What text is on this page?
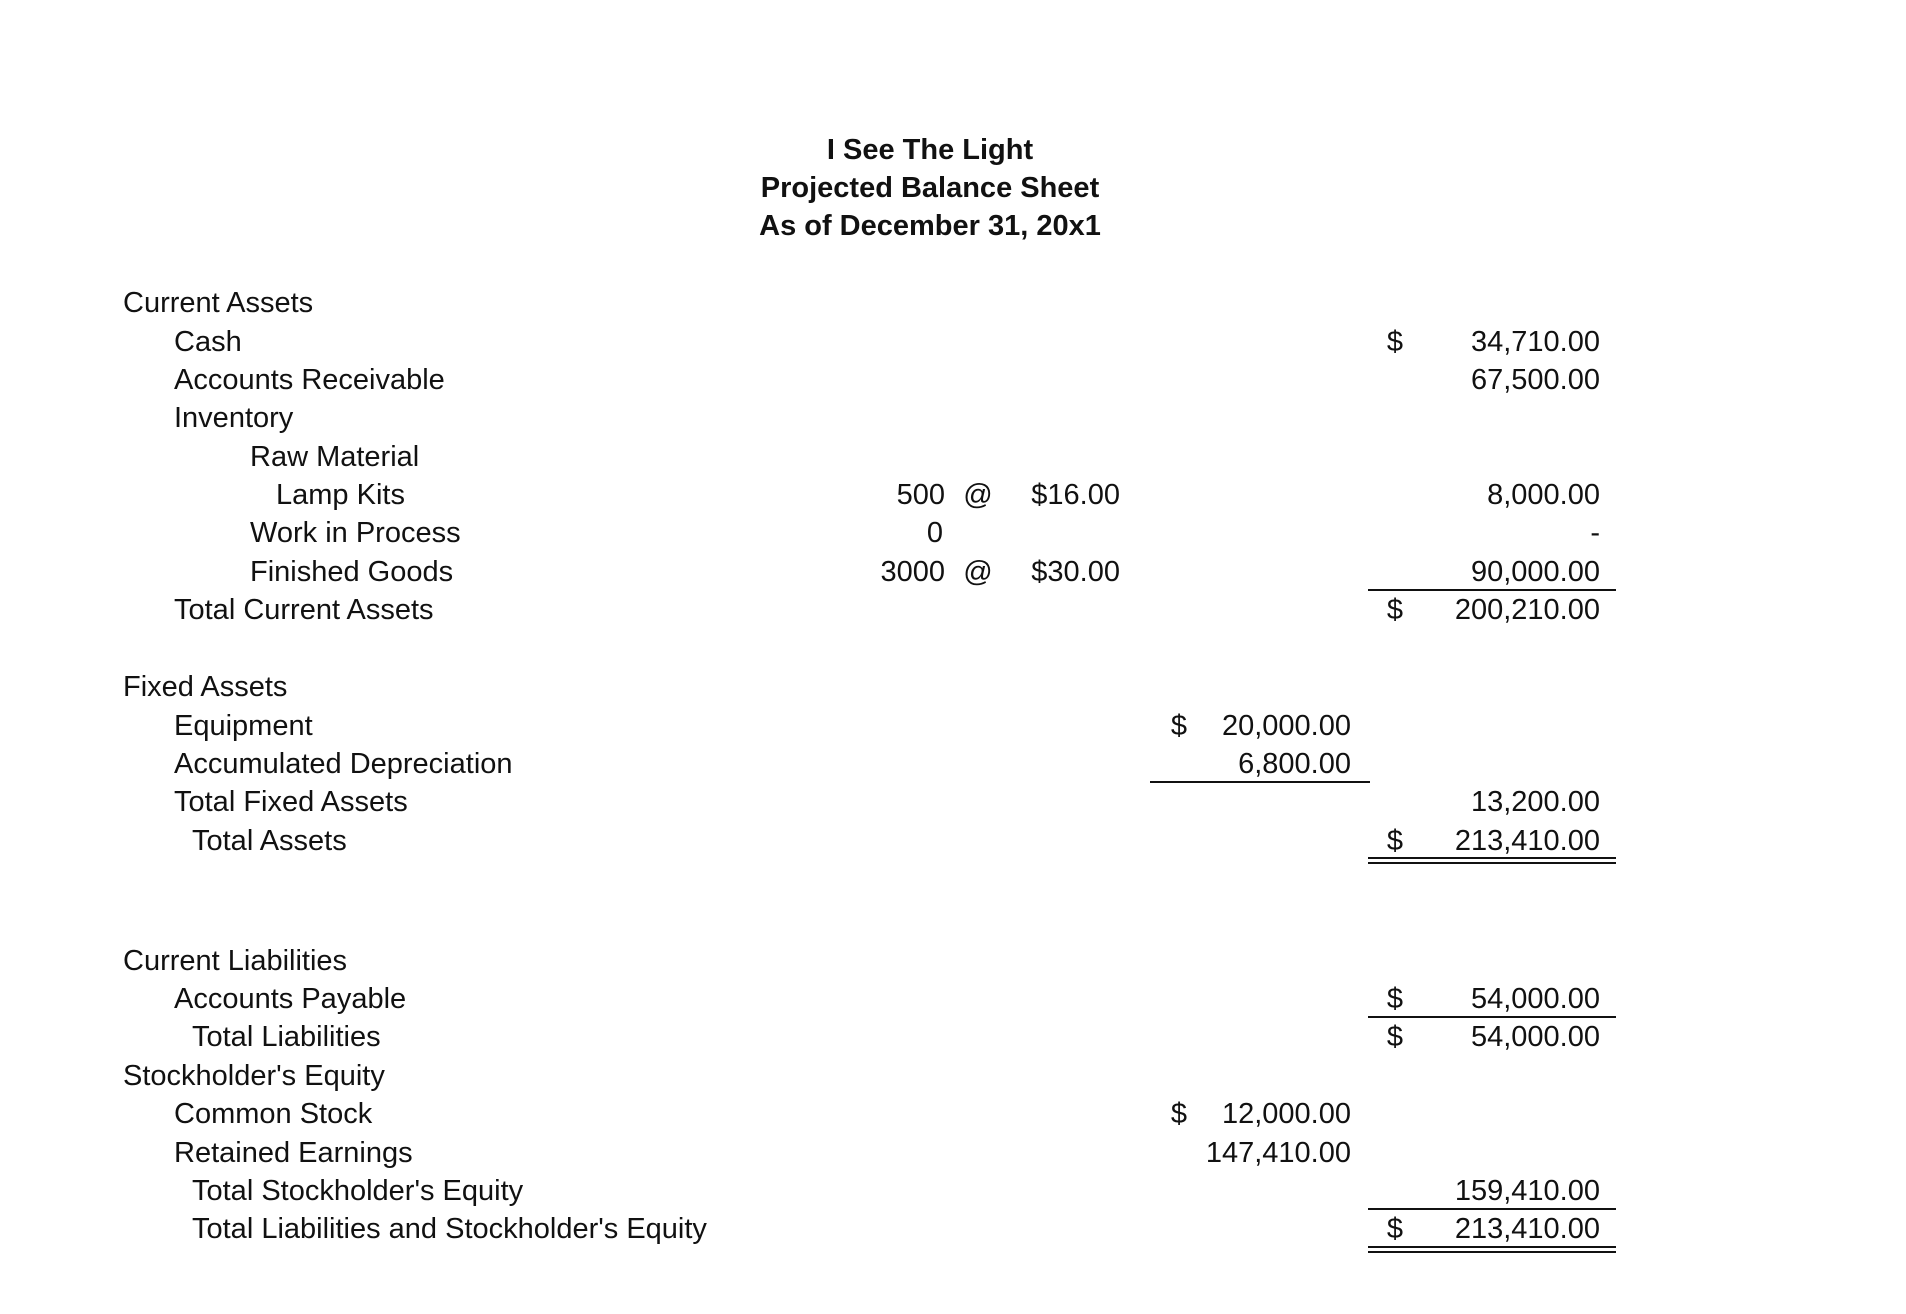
I See The Light
Projected Balance Sheet
As of December 31, 20x1
Current Assets
Cash	$	34,710.00
Accounts Receivable	67,500.00
Inventory
Raw Material
Lamp Kits	500 @	$16.00	8,000.00
Work in Process	0	-
Finished Goods	3000 @	$30.00	90,000.00
Total Current Assets	$	200,210.00
Fixed Assets
Equipment	$	20,000.00
Accumulated Depreciation	6,800.00
Total Fixed Assets	13,200.00
Total Assets	$	213,410.00
Current Liabilities
Accounts Payable	$	54,000.00
Total Liabilities	$	54,000.00
Stockholder's Equity
Common Stock	$	12,000.00
Retained Earnings	147,410.00
Total Stockholder's Equity	159,410.00
Total Liabilities and Stockholder's Equity	$	213,410.00
